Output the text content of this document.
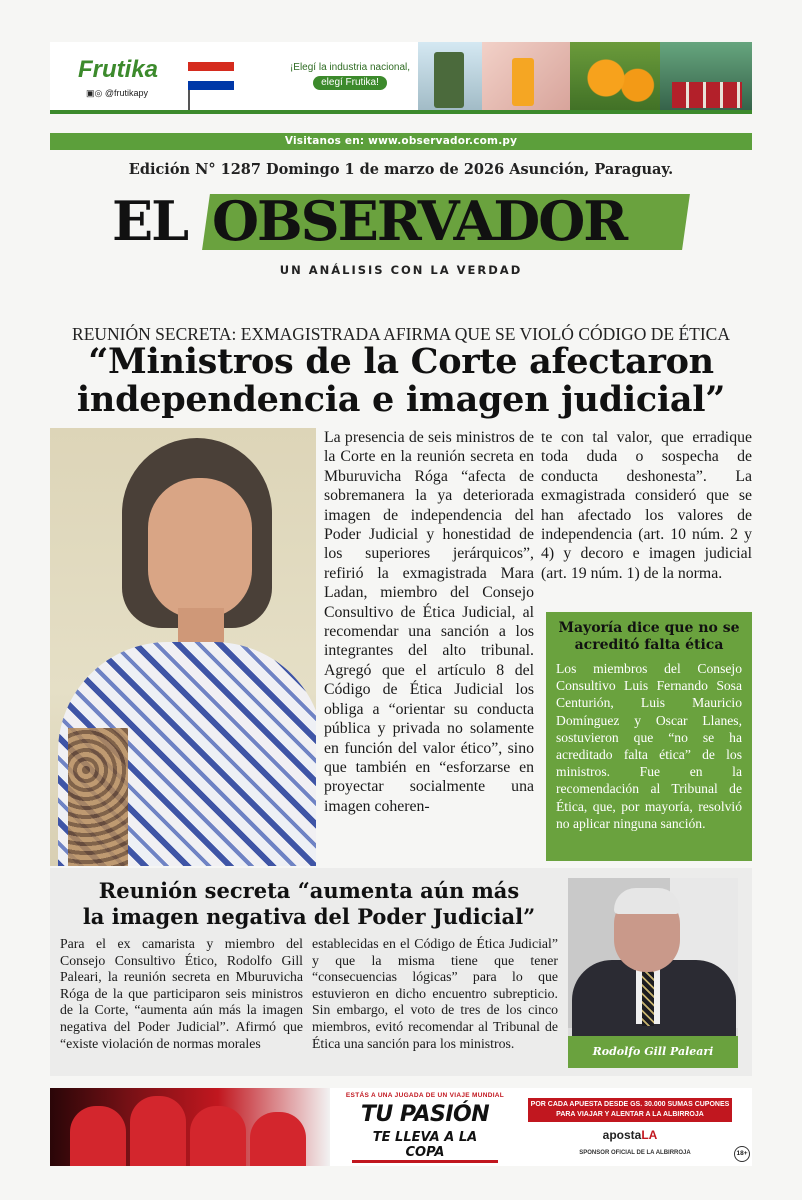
Frutika
▣◎ @frutikapy
¡Elegí la industria nacional,
elegí Frutika!
Visitanos en: www.observador.com.py
Edición N° 1287 Domingo 1 de marzo de 2026 Asunción, Paraguay.
EL OBSERVADOR
UN ANÁLISIS CON LA VERDAD
REUNIÓN SECRETA: EXMAGISTRADA AFIRMA QUE SE VIOLÓ CÓDIGO DE ÉTICA
“Ministros de la Corte afectaron
independencia e imagen judicial”
La presencia de seis ministros de la Corte en la reunión secreta en Mburuvicha Róga “afecta de sobremanera la ya deteriorada imagen de independencia del Poder Judicial y honestidad de los superiores jerárquicos”, refirió la exmagistrada Mara Ladan, miembro del Consejo Consultivo de Ética Judicial, al recomendar una sanción a los integrantes del alto tribunal. Agregó que el artículo 8 del Código de Ética Judicial los obliga a “orientar su conducta pública y privada no solamente en función del valor ético”, sino que también en “esforzarse en proyectar socialmente una imagen coheren-
te con tal valor, que erradique toda duda o sospecha de conducta deshonesta”. La exmagistrada consideró que se han afectado los valores de independencia (art. 10 núm. 2 y 4) y decoro e imagen judicial (art. 19 núm. 1) de la norma.
Mayoría dice que no se acreditó falta ética
Los miembros del Consejo Consultivo Luis Fernando Sosa Centurión, Luis Mauricio Domínguez y Oscar Llanes, sostuvieron que “no se ha acreditado falta ética” de los ministros. Fue en la recomendación al Tribunal de Ética, que, por mayoría, resolvió no aplicar ninguna sanción.
Reunión secreta “aumenta aún más
la imagen negativa del Poder Judicial”
Para el ex camarista y miembro del Consejo Consultivo Ético, Rodolfo Gill Paleari, la reunión secreta en Mburuvicha Róga de la que participaron seis ministros de la Corte, “aumenta aún más la imagen negativa del Poder Judicial”. Afirmó que “existe violación de normas morales
establecidas en el Código de Ética Judicial” y que la misma tiene que tener “consecuencias lógicas” para lo que estuvieron en dicho encuentro subrepticio. Sin embargo, el voto de tres de los cinco miembros, evitó recomendar al Tribunal de Ética una sanción para los ministros.
Rodolfo Gill Paleari
ESTÁS A UNA JUGADA DE UN VIAJE MUNDIAL
TU PASIÓN
TE LLEVA A LA COPA
POR CADA APUESTA DESDE GS. 30.000 SUMAS CUPONES PARA VIAJAR Y ALENTAR A LA ALBIRROJA
apostaLA
SPONSOR OFICIAL DE LA ALBIRROJA	18+
